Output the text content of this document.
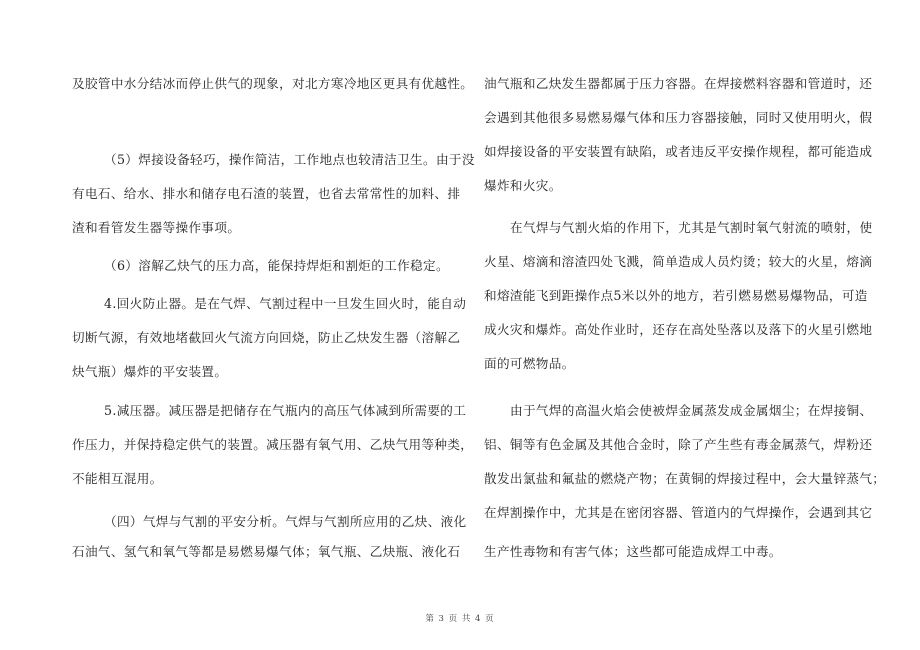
及胶管中水分结冰而停止供气的现象，对北方寒冷地区更具有优越性。
（5）焊接设备轻巧，操作简洁，工作地点也较清洁卫生。由于没
有电石、给水、排水和储存电石渣的装置，也省去常常性的加料、排
渣和看管发生器等操作事项。
（6）溶解乙炔气的压力高，能保持焊炬和割炬的工作稳定。
4.回火防止器。是在气焊、气割过程中一旦发生回火时，能自动
切断气源，有效地堵截回火气流方向回烧，防止乙炔发生器（溶解乙
炔气瓶）爆炸的平安装置。
5.减压器。减压器是把储存在气瓶内的高压气体减到所需要的工
作压力，并保持稳定供气的装置。减压器有氧气用、乙炔气用等种类，
不能相互混用。
（四）气焊与气割的平安分析。气焊与气割所应用的乙炔、液化
石油气、氢气和氧气等都是易燃易爆气体；氧气瓶、乙炔瓶、液化石
油气瓶和乙炔发生器都属于压力容器。在焊接燃料容器和管道时，还
会遇到其他很多易燃易爆气体和压力容器接触，同时又使用明火，假
如焊接设备的平安装置有缺陷，或者违反平安操作规程，都可能造成
爆炸和火灾。
在气焊与气割火焰的作用下，尤其是气割时氧气射流的喷射，使
火星、熔滴和溶渣四处飞溅，简单造成人员灼烫；较大的火星，熔滴
和熔渣能飞到距操作点5米以外的地方，若引燃易燃易爆物品，可造
成火灾和爆炸。高处作业时，还存在高处坠落以及落下的火星引燃地
面的可燃物品。
由于气焊的高温火焰会使被焊金属蒸发成金属烟尘；在焊接铜、
铝、铜等有色金属及其他合金时，除了产生些有毒金属蒸气，焊粉还
散发出氯盐和氟盐的燃烧产物；在黄铜的焊接过程中，会大量锌蒸气；
在焊割操作中，尤其是在密闭容器、管道内的气焊操作，会遇到其它
生产性毒物和有害气体；这些都可能造成焊工中毒。
第 3 页 共 4 页
